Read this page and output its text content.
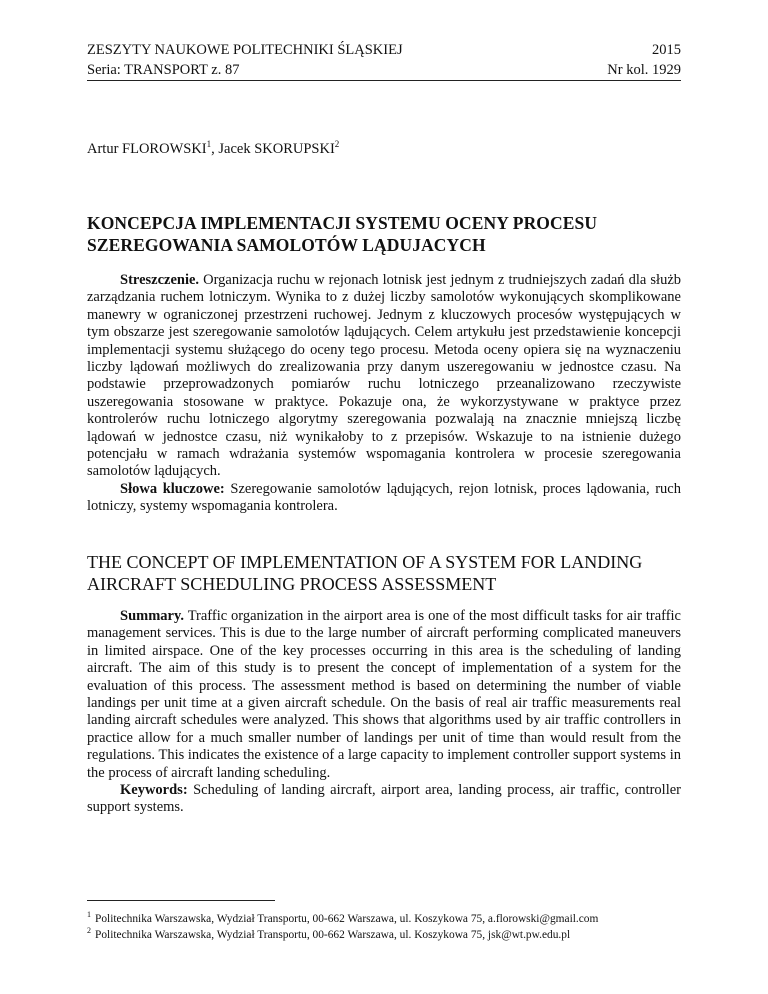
ZESZYTY NAUKOWE POLITECHNIKI ŚLĄSKIEJ	2015
Seria: TRANSPORT z. 87	Nr kol. 1929
Artur FLOROWSKI$^1$, Jacek SKORUPSKI$^2$
KONCEPCJA IMPLEMENTACJI SYSTEMU OCENY PROCESU
SZEREGOWANIA SAMOLOTÓW LĄDUJACYCH

Streszczenie. Organizacja ruchu w rejonach lotnisk jest jednym z trudniejszych zadań dla służb zarządzania ruchem lotniczym. Wynika to z dużej liczby samolotów wykonujących skomplikowane manewry w ograniczonej przestrzeni ruchowej. Jednym z kluczowych procesów występujących w tym obszarze jest szeregowanie samolotów lądujących. Celem artykułu jest przedstawienie koncepcji implementacji systemu służącego do oceny tego procesu. Metoda oceny opiera się na wyznaczeniu liczby lądowań możliwych do zrealizowania przy danym uszeregowaniu w jednostce czasu. Na podstawie przeprowadzonych pomiarów ruchu lotniczego przeanalizowano rzeczywiste uszeregowania stosowane w praktyce. Pokazuje ona, że wykorzystywane w praktyce przez kontrolerów ruchu lotniczego algorytmy szeregowania pozwalają na znacznie mniejszą liczbę lądowań w jednostce czasu, niż wynikałoby to z przepisów. Wskazuje to na istnienie dużego potencjału w ramach wdrażania systemów wspomagania kontrolera w procesie szeregowania samolotów lądujących.

Słowa kluczowe: Szeregowanie samolotów lądujących, rejon lotnisk, proces lądowania, ruch lotniczy, systemy wspomagania kontrolera.

THE CONCEPT OF IMPLEMENTATION OF A SYSTEM FOR LANDING
AIRCRAFT SCHEDULING PROCESS ASSESSMENT

Summary. Traffic organization in the airport area is one of the most difficult tasks for air traffic management services. This is due to the large number of aircraft performing complicated maneuvers in limited airspace. One of the key processes occurring in this area is the scheduling of landing aircraft. The aim of this study is to present the concept of implementation of a system for the evaluation of this process. The assessment method is based on determining the number of viable landings per unit time at a given aircraft schedule. On the basis of real air traffic measurements real landing aircraft schedules were analyzed. This shows that algorithms used by air traffic controllers in practice allow for a much smaller number of landings per unit of time than would result from the regulations. This indicates the existence of a large capacity to implement controller support systems in the process of aircraft landing scheduling.

Keywords: Scheduling of landing aircraft, airport area, landing process, air traffic, controller support systems.

$^1$ Politechnika Warszawska, Wydział Transportu, 00-662 Warszawa, ul. Koszykowa 75, a.florowski@gmail.com
$^2$ Politechnika Warszawska, Wydział Transportu, 00-662 Warszawa, ul. Koszykowa 75, jsk@wt.pw.edu.pl
